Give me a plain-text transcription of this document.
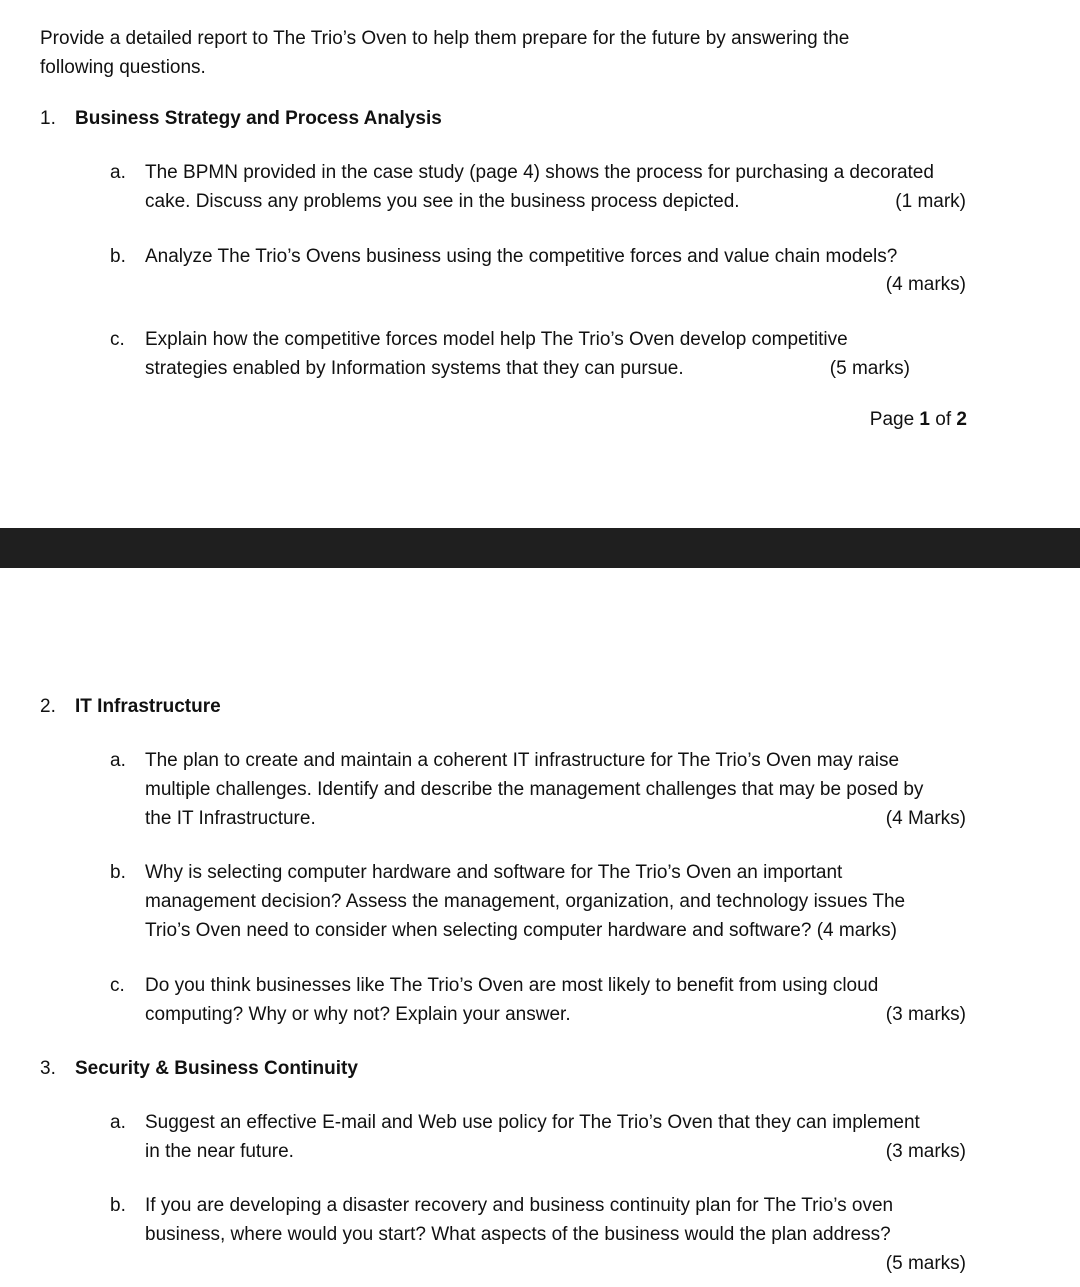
Provide a detailed report to The Trio’s Oven to help them prepare for the future by answering the
following questions.
1. Business Strategy and Process Analysis
a. The BPMN provided in the case study (page 4) shows the process for purchasing a decorated
cake. Discuss any problems you see in the business process depicted.	(1 mark)
b. Analyze The Trio’s Ovens business using the competitive forces and value chain models?
(4 marks)
c. Explain how the competitive forces model help The Trio’s Oven develop competitive
strategies enabled by Information systems that they can pursue.	(5 marks)
Page 1 of 2
2. IT Infrastructure
a. The plan to create and maintain a coherent IT infrastructure for The Trio’s Oven may raise
multiple challenges. Identify and describe the management challenges that may be posed by
the IT Infrastructure.	(4 Marks)
b. Why is selecting computer hardware and software for The Trio’s Oven an important
management decision? Assess the management, organization, and technology issues The
Trio’s Oven need to consider when selecting computer hardware and software? (4 marks)
c. Do you think businesses like The Trio’s Oven are most likely to benefit from using cloud
computing? Why or why not? Explain your answer.	(3 marks)
3. Security & Business Continuity
a. Suggest an effective E-mail and Web use policy for The Trio’s Oven that they can implement
in the near future.	(3 marks)
b. If you are developing a disaster recovery and business continuity plan for The Trio’s oven
business, where would you start? What aspects of the business would the plan address?
(5 marks)
